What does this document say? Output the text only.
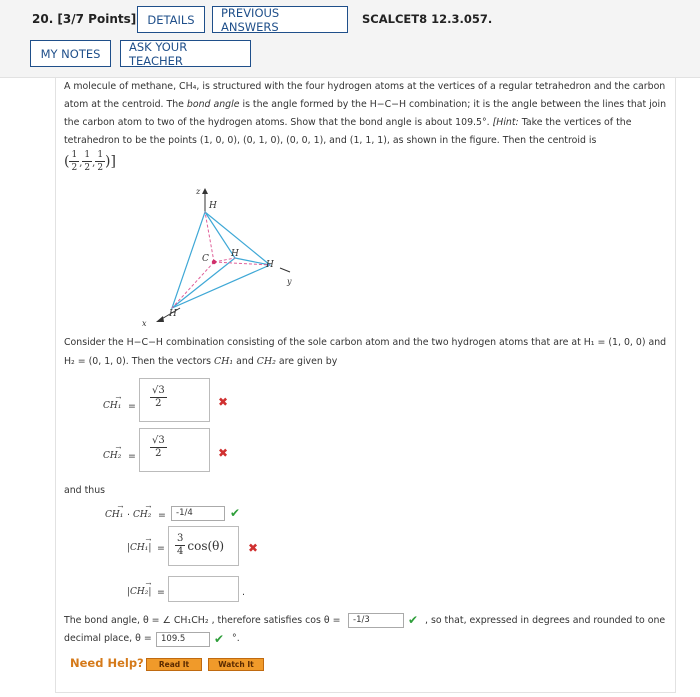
20. [3/7 Points] DETAILS	PREVIOUS ANSWERS
SCALCET8 12.3.057.
MY NOTES	ASK YOUR TEACHER
A molecule of methane, CH₄, is structured with the four hydrogen atoms at the vertices of a regular tetrahedron and the carbon
atom at the centroid. The bond angle is the angle formed by the H−C−H combination; it is the angle between the lines that join
the carbon atom to two of the hydrogen atoms. Show that the bond angle is about 109.5°. [Hint: Take the vertices of the
tetrahedron to be the points (1, 0, 0), (0, 1, 0), (0, 0, 1), and (1, 1, 1), as shown in the figure. Then the centroid is
( $\frac{1}{2}$ , $\frac{1}{2}$ , $\frac{1}{2}$ )]
z
y
x
H
H
H
H
C
Consider the H−C−H combination consisting of the sole carbon atom and the two hydrogen atoms that are at H₁ = (1, 0, 0) and
H₂ = (0, 1, 0). Then the vectors CH₁ and CH₂ are given by
→
$CH_1 = \frac{√3}{2}$	✖
→
$CH_2 = \frac{√3}{2}$	✖
and thus
→
CH₁ ·
→
CH₂ =	-1/4	✔
→
$|CH_1| = \frac{3}{4} \cos(\theta)$ ✖
→
|CH₂| =	.
The bond angle, θ = ∠ CH₁CH₂ , therefore satisfies cos θ =	-1/3	✔ , so that, expressed in degrees and rounded to one
decimal place, θ =	109.5	✔ °.
Need Help?	Read It	Watch It
